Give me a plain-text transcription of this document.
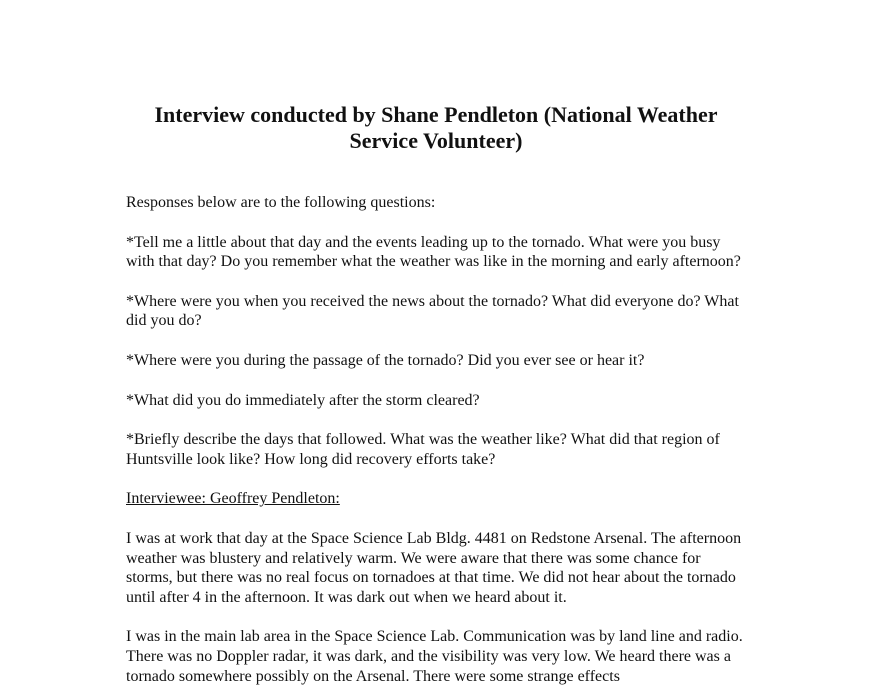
Interview conducted by Shane Pendleton (National Weather Service Volunteer)

Responses below are to the following questions:

*Tell me a little about that day and the events leading up to the tornado. What were you busy with that day? Do you remember what the weather was like in the morning and early afternoon?

*Where were you when you received the news about the tornado? What did everyone do? What did you do?

*Where were you during the passage of the tornado? Did you ever see or hear it?

*What did you do immediately after the storm cleared?

*Briefly describe the days that followed. What was the weather like? What did that region of Huntsville look like? How long did recovery efforts take?

Interviewee: Geoffrey Pendleton:

I was at work that day at the Space Science Lab Bldg. 4481 on Redstone Arsenal. The afternoon weather was blustery and relatively warm. We were aware that there was some chance for storms, but there was no real focus on tornadoes at that time. We did not hear about the tornado until after 4 in the afternoon. It was dark out when we heard about it.

I was in the main lab area in the Space Science Lab. Communication was by land line and radio. There was no Doppler radar, it was dark, and the visibility was very low. We heard there was a tornado somewhere possibly on the Arsenal. There were some strange effects
